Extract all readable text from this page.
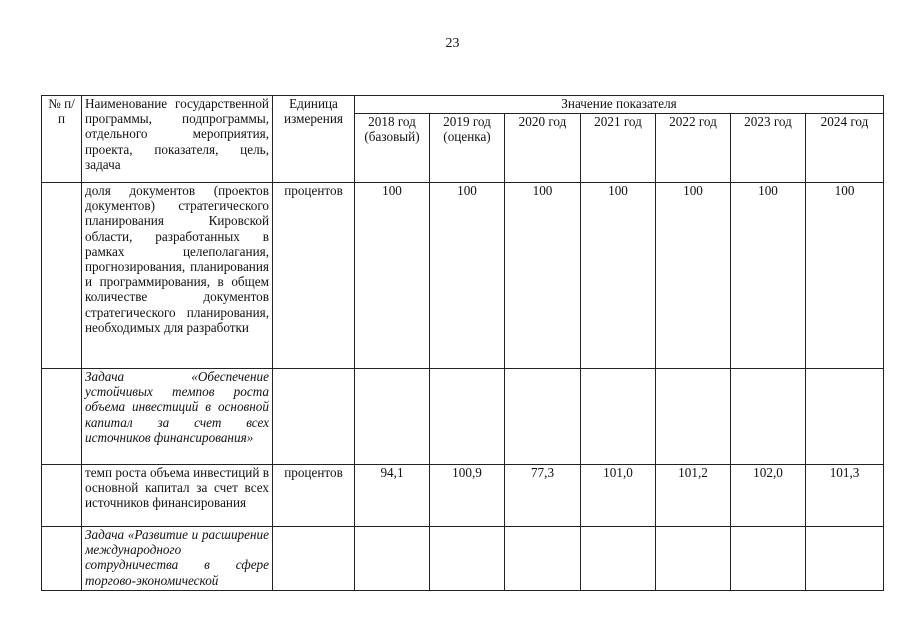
23
№ п/п	Наименование государственной программы, подпрограммы, отдельного мероприятия, проекта, показателя, цель, задача	Единица измерения	Значение показателя						
			2018 год (базовый)	2019 год (оценка)	2020 год	2021 год	2022 год	2023 год	2024 год
	доля документов (проектов документов) стратегического планирования Кировской области, разработанных в рамках целеполагания, прогнозирования, планирования и программирования, в общем количестве документов стратегического планирования, необходимых для разработки	процентов	100	100	100	100	100	100	100
	Задача «Обеспечение устойчивых темпов роста объема инвестиций в основной капитал за счет всех источников финансирования»								
	темп роста объема инвестиций в основной капитал за счет всех источников финансирования	процентов	94,1	100,9	77,3	101,0	101,2	102,0	101,3
	Задача «Развитие и расширение международного сотрудничества в сфере торгово-экономической								
